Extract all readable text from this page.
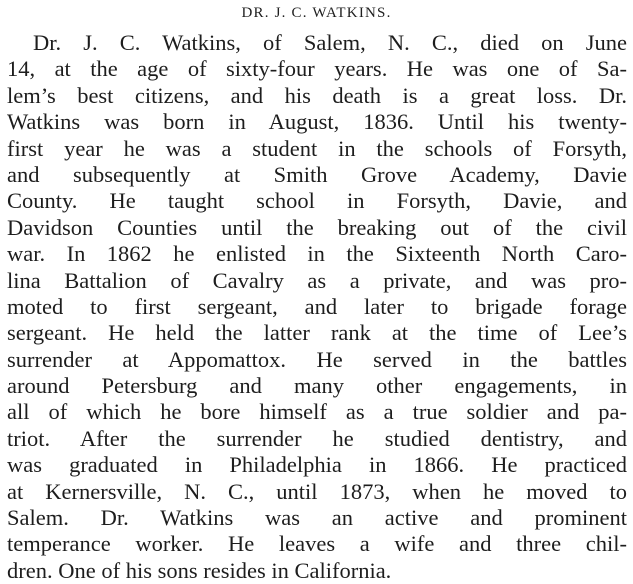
DR. J. C. WATKINS.
Dr. J. C. Watkins, of Salem, N. C., died on June
14, at the age of sixty-four years. He was one of Sa-
lem’s best citizens, and his death is a great loss. Dr.
Watkins was born in August, 1836. Until his twenty-
first year he was a student in the schools of Forsyth,
and subsequently at Smith Grove Academy, Davie
County. He taught school in Forsyth, Davie, and
Davidson Counties until the breaking out of the civil
war. In 1862 he enlisted in the Sixteenth North Caro-
lina Battalion of Cavalry as a private, and was pro-
moted to first sergeant, and later to brigade forage
sergeant. He held the latter rank at the time of Lee’s
surrender at Appomattox. He served in the battles
around Petersburg and many other engagements, in
all of which he bore himself as a true soldier and pa-
triot. After the surrender he studied dentistry, and
was graduated in Philadelphia in 1866. He practiced
at Kernersville, N. C., until 1873, when he moved to
Salem. Dr. Watkins was an active and prominent
temperance worker. He leaves a wife and three chil-
dren. One of his sons resides in California.
